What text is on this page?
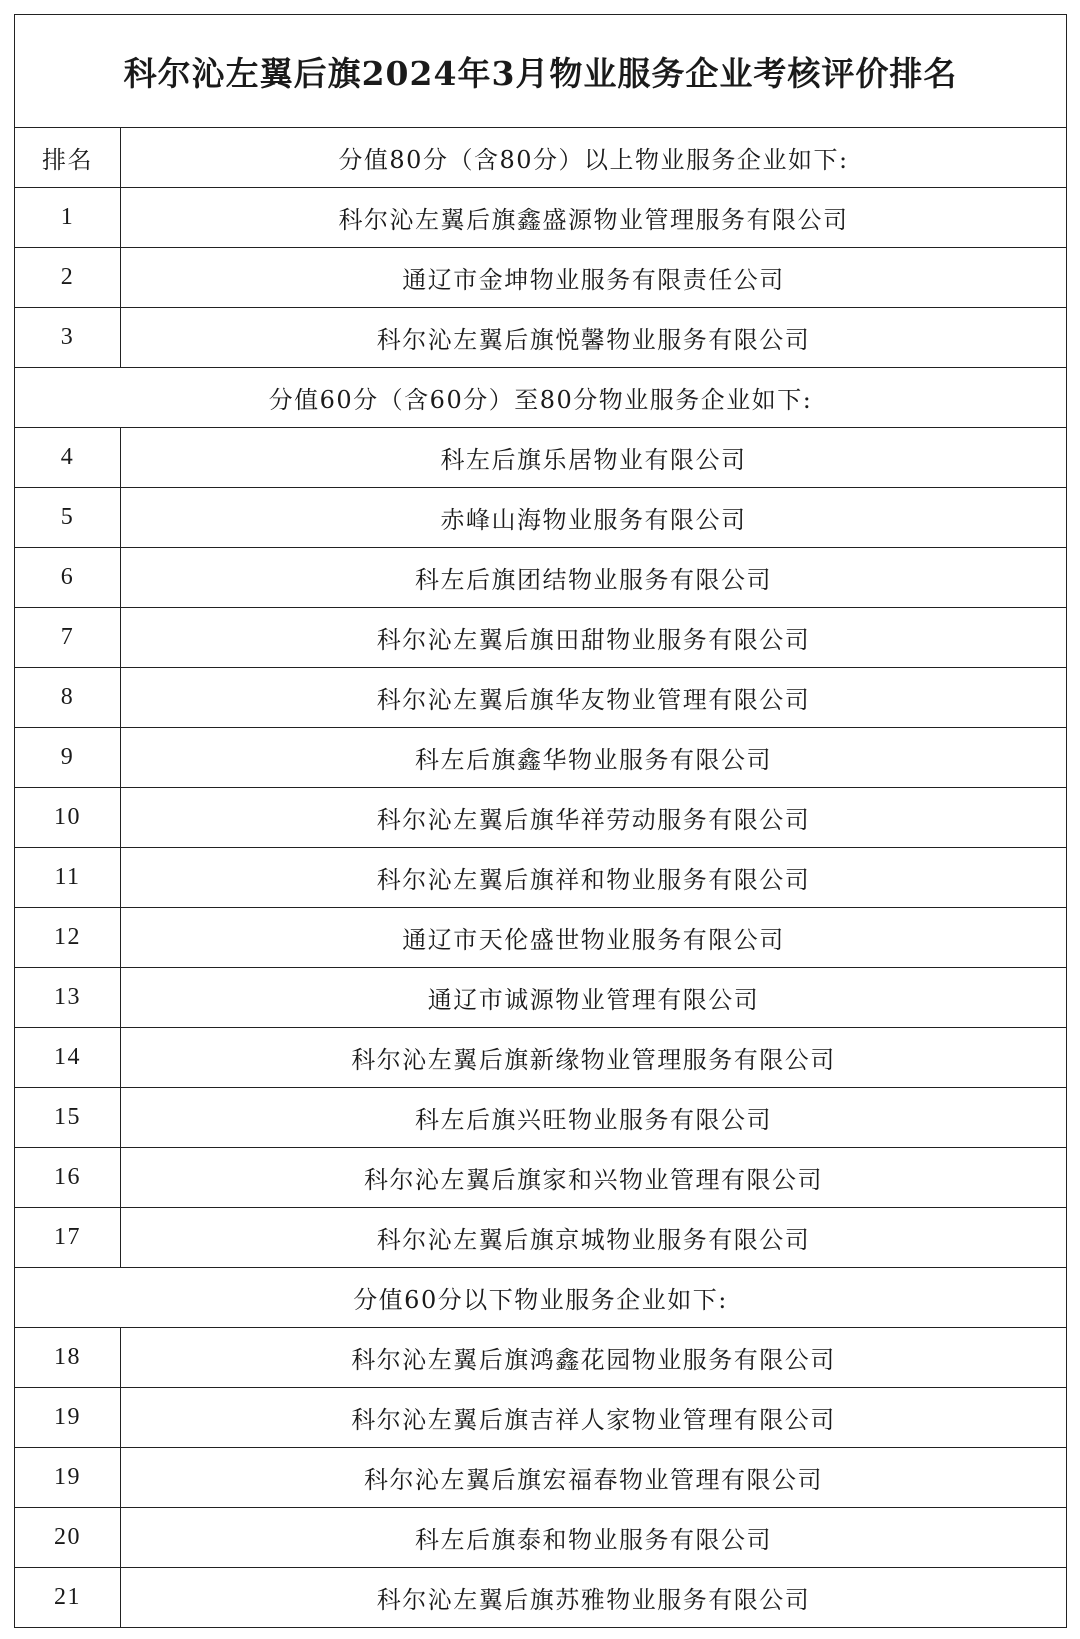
科尔沁左翼后旗2024年3月物业服务企业考核评价排名	
排名	分值80分（含80分）以上物业服务企业如下:
1	科尔沁左翼后旗鑫盛源物业管理服务有限公司
2	通辽市金坤物业服务有限责任公司
3	科尔沁左翼后旗悦馨物业服务有限公司
分值60分（含60分）至80分物业服务企业如下:	
4	科左后旗乐居物业有限公司
5	赤峰山海物业服务有限公司
6	科左后旗团结物业服务有限公司
7	科尔沁左翼后旗田甜物业服务有限公司
8	科尔沁左翼后旗华友物业管理有限公司
9	科左后旗鑫华物业服务有限公司
10	科尔沁左翼后旗华祥劳动服务有限公司
11	科尔沁左翼后旗祥和物业服务有限公司
12	通辽市天伦盛世物业服务有限公司
13	通辽市诚源物业管理有限公司
14	科尔沁左翼后旗新缘物业管理服务有限公司
15	科左后旗兴旺物业服务有限公司
16	科尔沁左翼后旗家和兴物业管理有限公司
17	科尔沁左翼后旗京城物业服务有限公司
分值60分以下物业服务企业如下:	
18	科尔沁左翼后旗鸿鑫花园物业服务有限公司
19	科尔沁左翼后旗吉祥人家物业管理有限公司
19	科尔沁左翼后旗宏福春物业管理有限公司
20	科左后旗泰和物业服务有限公司
21	科尔沁左翼后旗苏雅物业服务有限公司
